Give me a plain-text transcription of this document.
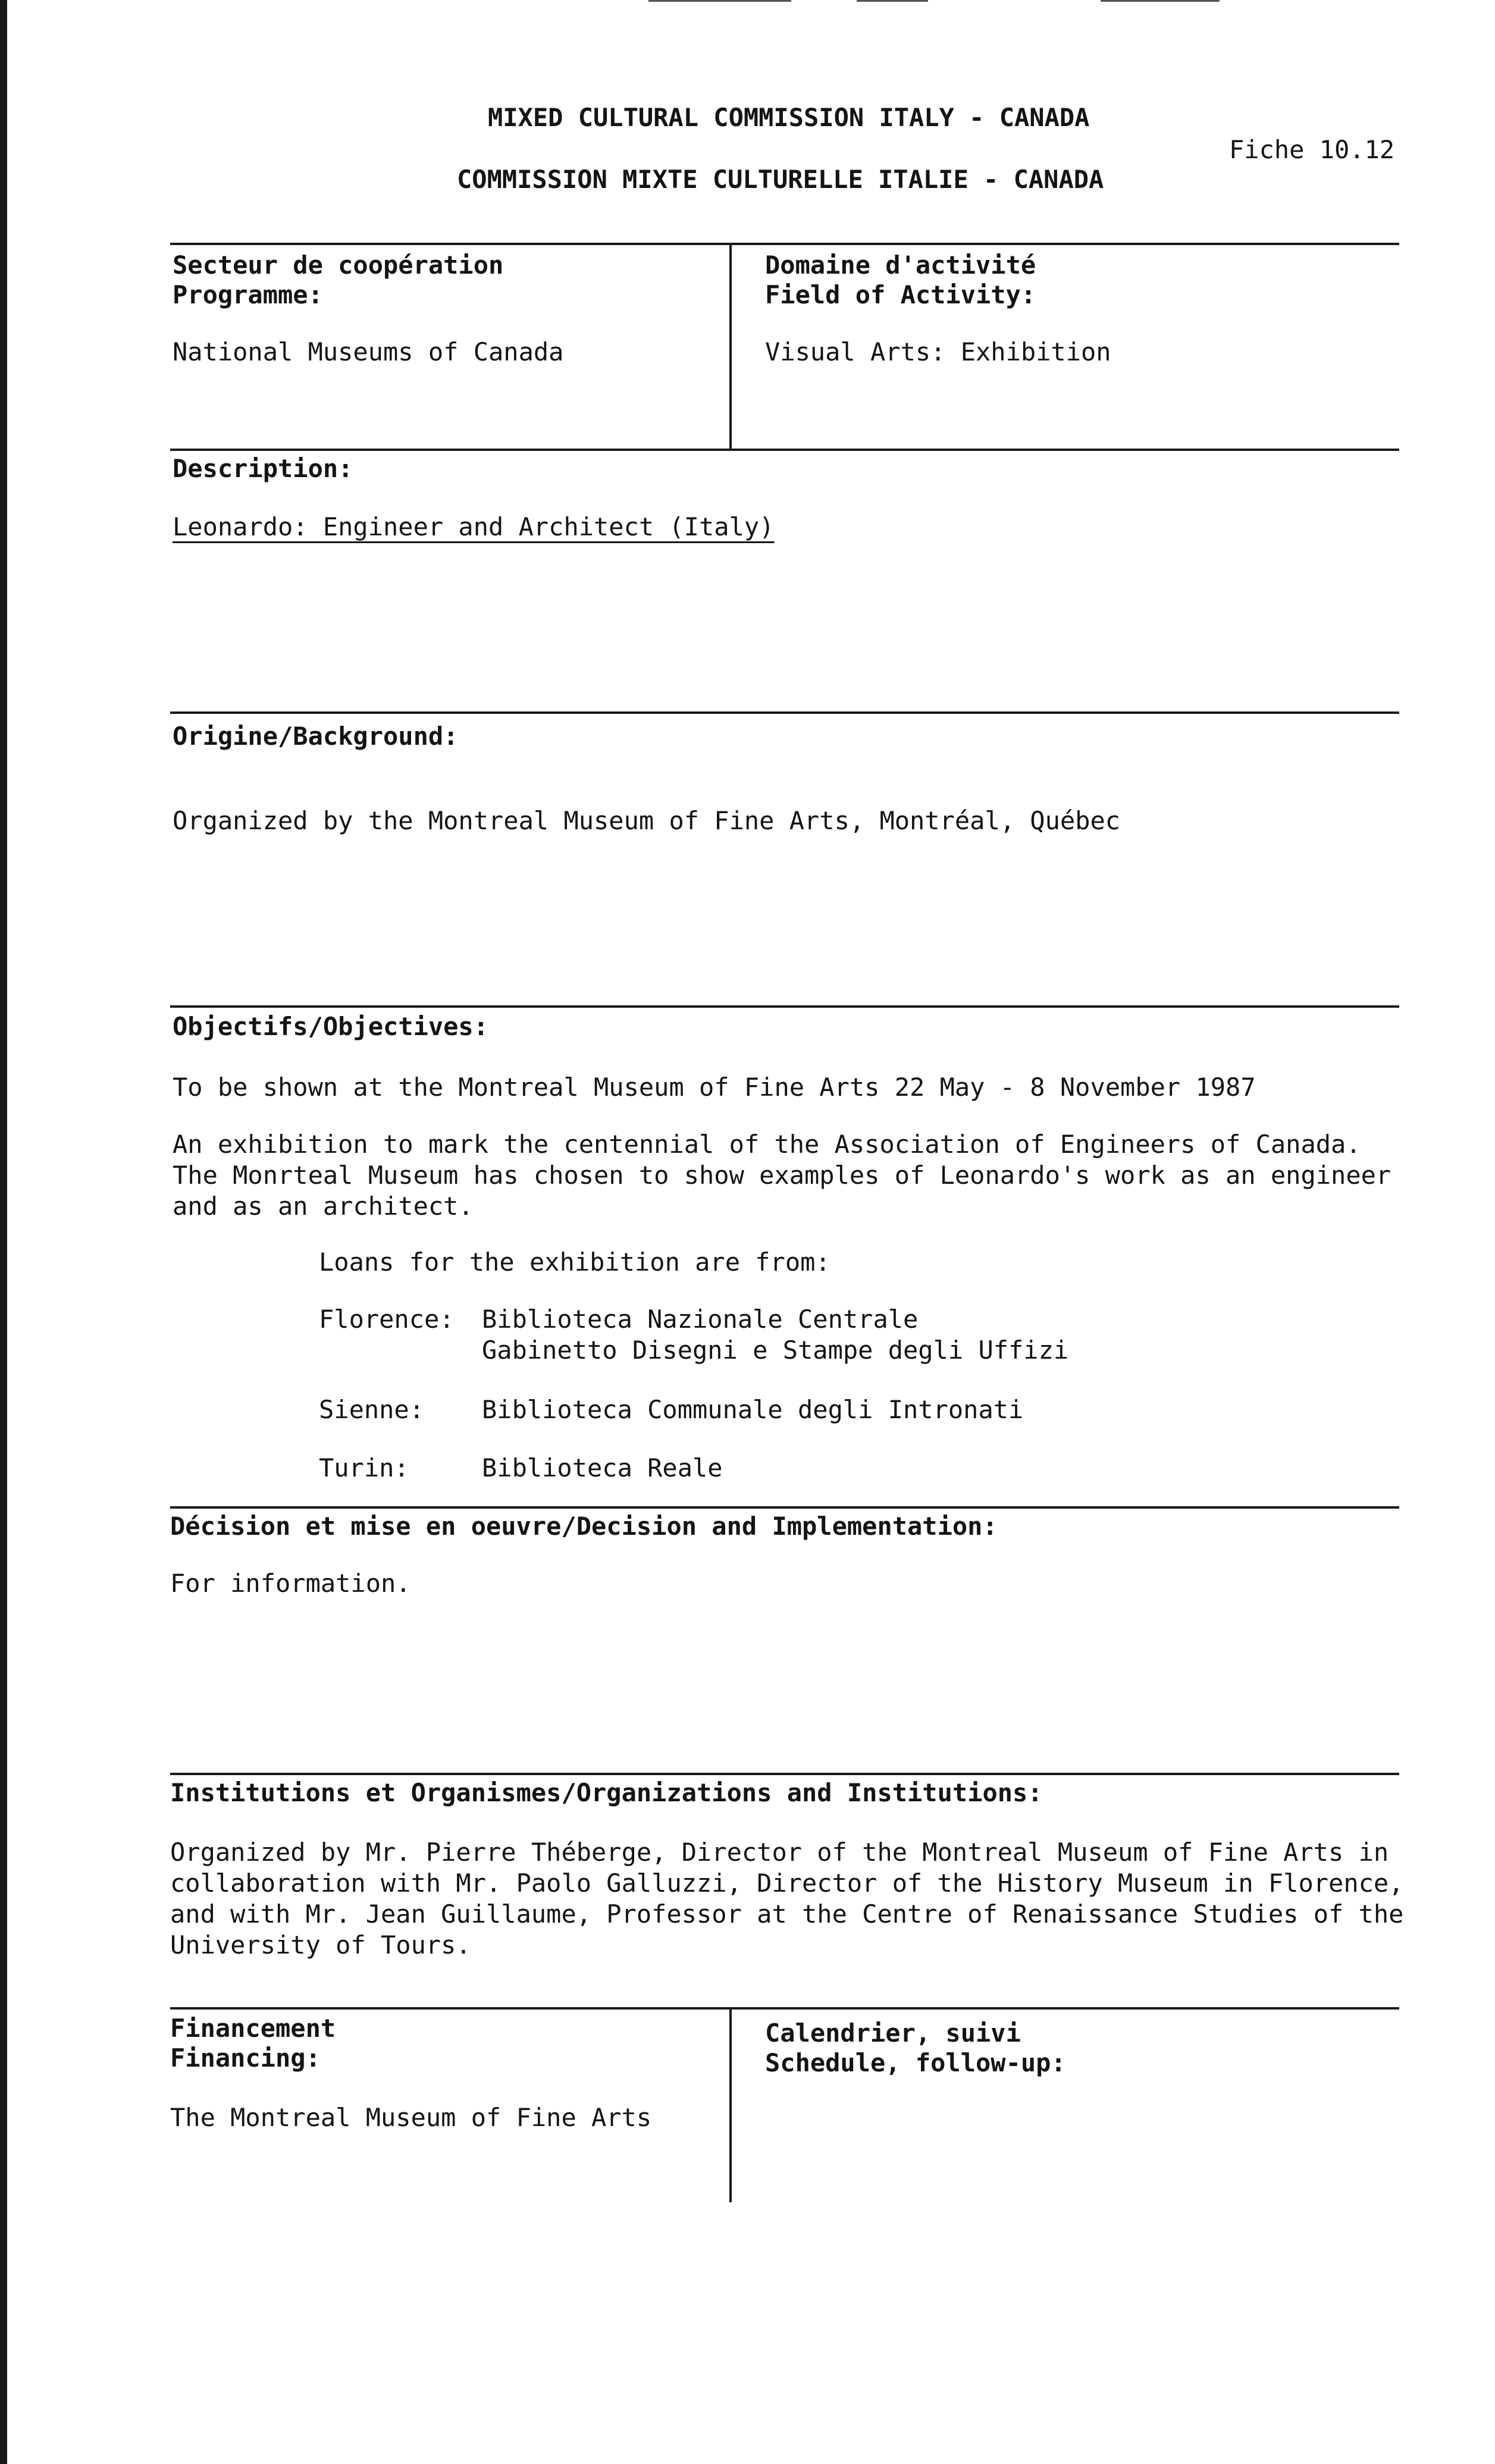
MIXED CULTURAL COMMISSION ITALY - CANADA
COMMISSION MIXTE CULTURELLE ITALIE - CANADA
Fiche 10.12
Secteur de coopération
Programme:
National Museums of Canada
Domaine d'activité
Field of Activity:
Visual Arts: Exhibition
Description:
Leonardo: Engineer and Architect (Italy)
Origine/Background:
Organized by the Montreal Museum of Fine Arts, Montréal, Québec
Objectifs/Objectives:
To be shown at the Montreal Museum of Fine Arts 22 May - 8 November 1987
An exhibition to mark the centennial of the Association of Engineers of Canada.
The Monrteal Museum has chosen to show examples of Leonardo's work as an engineer
and as an architect.
Loans for the exhibition are from:
Florence: Biblioteca Nazionale Centrale
Gabinetto Disegni e Stampe degli Uffizi
Sienne: Biblioteca Communale degli Intronati
Turin:	Biblioteca Reale
Décision et mise en oeuvre/Decision and Implementation:
For information.
Institutions et Organismes/Organizations and Institutions:
Organized by Mr. Pierre Théberge, Director of the Montreal Museum of Fine Arts in
collaboration with Mr. Paolo Galluzzi, Director of the History Museum in Florence,
and with Mr. Jean Guillaume, Professor at the Centre of Renaissance Studies of the
University of Tours.
Financement
Financing:
The Montreal Museum of Fine Arts
Calendrier, suivi
Schedule, follow-up:
